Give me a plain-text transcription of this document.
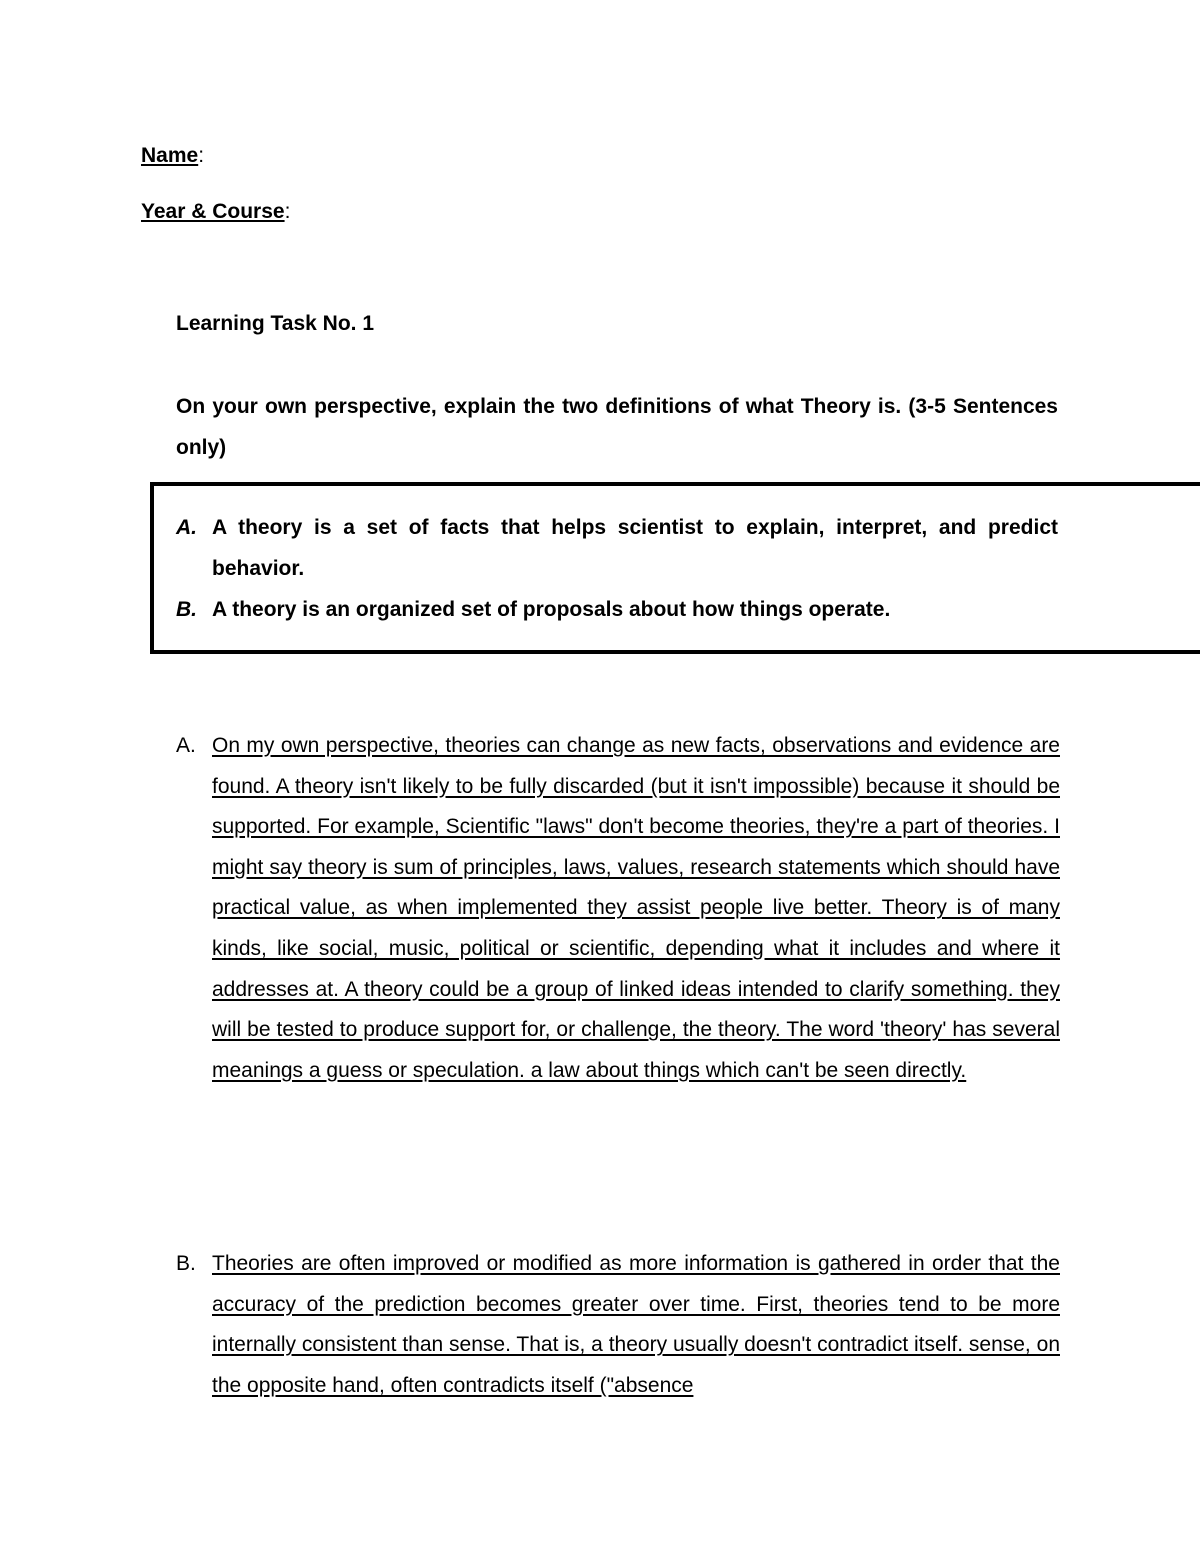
Name:
Year & Course:
Learning Task No. 1
On your own perspective, explain the two definitions of what Theory is. (3-5 Sentences only)
A. A theory is a set of facts that helps scientist to explain, interpret, and predict behavior.
B. A theory is an organized set of proposals about how things operate.
A. On my own perspective, theories can change as new facts, observations and evidence are found. A theory isn't likely to be fully discarded (but it isn't impossible) because it should be supported. For example, Scientific "laws" don't become theories, they're a part of theories. I might say theory is sum of principles, laws, values, research statements which should have practical value, as when implemented they assist people live better. Theory is of many kinds, like social, music, political or scientific, depending what it includes and where it addresses at. A theory could be a group of linked ideas intended to clarify something. they will be tested to produce support for, or challenge, the theory. The word 'theory' has several meanings a guess or speculation. a law about things which can't be seen directly.
B. Theories are often improved or modified as more information is gathered in order that the accuracy of the prediction becomes greater over time. First, theories tend to be more internally consistent than sense. That is, a theory usually doesn't contradict itself. sense, on the opposite hand, often contradicts itself ("absence
